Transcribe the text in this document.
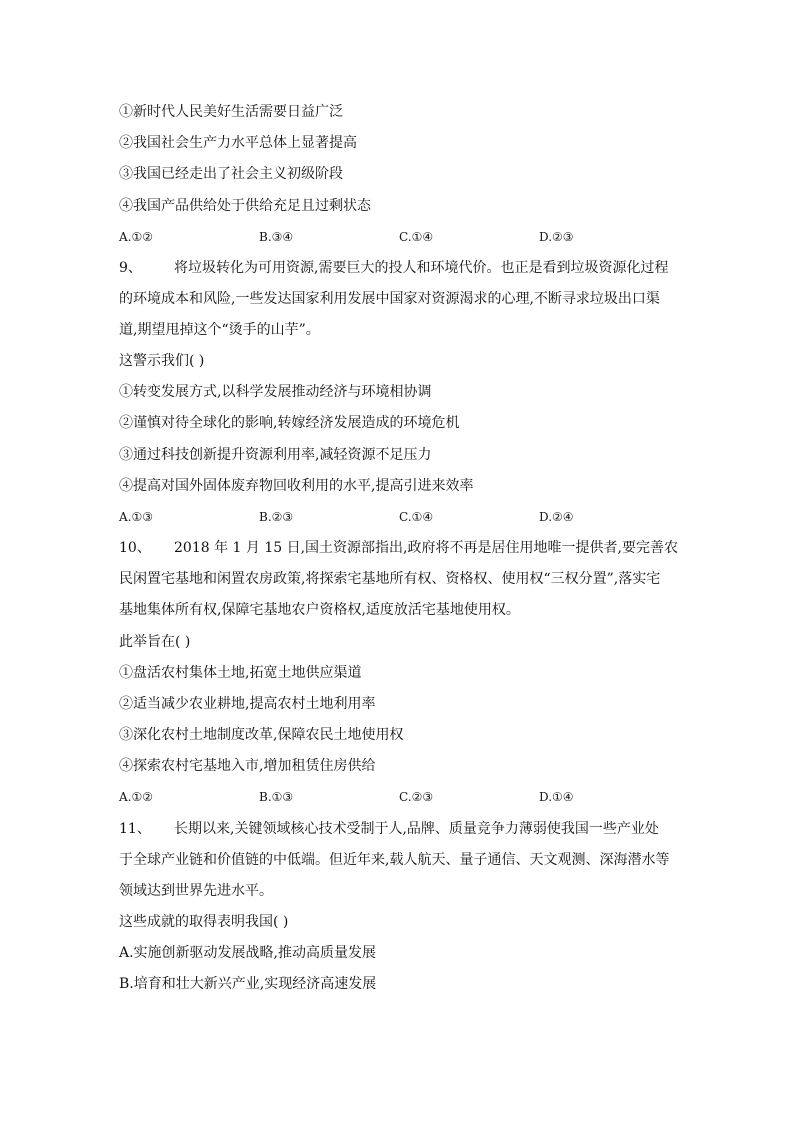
①新时代人民美好生活需要日益广泛
②我国社会生产力水平总体上显著提高
③我国已经走出了社会主义初级阶段
④我国产品供给处于供给充足且过剩状态
A.①②	B.③④	C.①④	D.②③
9、 将垃圾转化为可用资源,需要巨大的投人和环境代价。也正是看到垃圾资源化过程
的环境成本和风险,一些发达国家利用发展中国家对资源渴求的心理,不断寻求垃圾出口渠
道,期望甩掉这个“烫手的山芋”。
这警示我们( )
①转变发展方式,以科学发展推动经济与环境相协调
②谨慎对待全球化的影响,转嫁经济发展造成的环境危机
③通过科技创新提升资源利用率,减轻资源不足压力
④提高对国外固体废弃物回收利用的水平,提高引进来效率
A.①③	B.②③	C.①④	D.②④
10、 2018 年 1 月 15 日,国土资源部指出,政府将不再是居住用地唯一提供者,要完善农
民闲置宅基地和闲置农房政策,将探索宅基地所有权、资格权、使用权“三权分置”,落实宅
基地集体所有权,保障宅基地农户资格权,适度放活宅基地使用权。
此举旨在( )
①盘活农村集体土地,拓宽土地供应渠道
②适当减少农业耕地,提高农村土地利用率
③深化农村土地制度改革,保障农民土地使用权
④探索农村宅基地入市,增加租赁住房供给
A.①②	B.①③	C.②③	D.①④
11、 长期以来,关键领域核心技术受制于人,品牌、质量竞争力薄弱使我国一些产业处
于全球产业链和价值链的中低端。但近年来,载人航天、量子通信、天文观测、深海潜水等
领域达到世界先进水平。
这些成就的取得表明我国( )
A.实施创新驱动发展战略,推动高质量发展
B.培育和壮大新兴产业,实现经济高速发展
